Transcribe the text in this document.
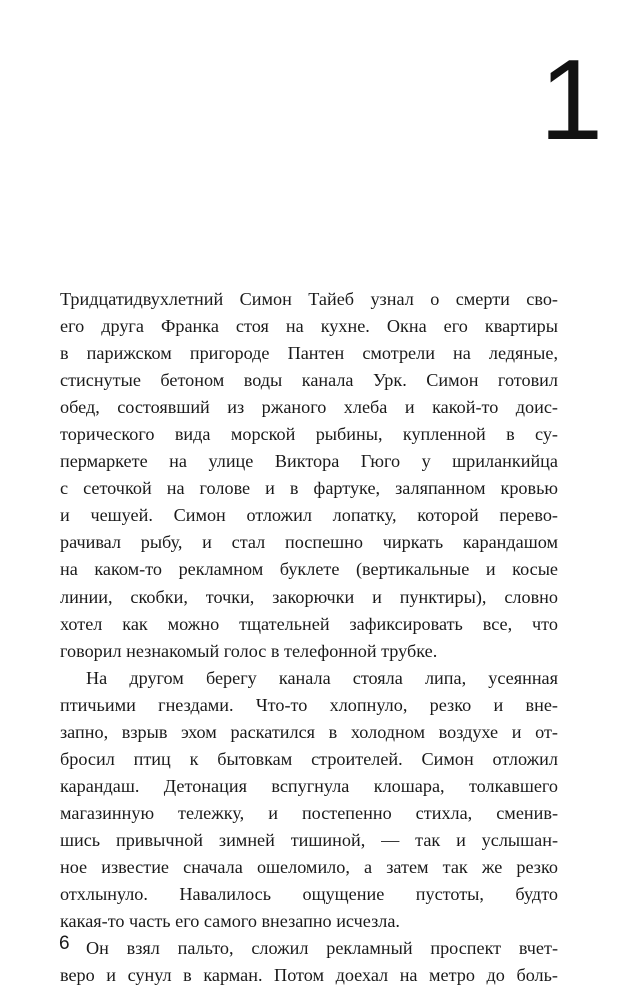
1
Тридцатидвухлетний Симон Тайеб узнал о смерти сво-
его друга Франка стоя на кухне. Окна его квартиры
в парижском пригороде Пантен смотрели на ледяные,
стиснутые бетоном воды канала Урк. Симон готовил
обед, состоявший из ржаного хлеба и какой-то доис-
торического вида морской рыбины, купленной в су-
пермаркете на улице Виктора Гюго у шриланкийца
с сеточкой на голове и в фартуке, заляпанном кровью
и чешуей. Симон отложил лопатку, которой перево-
рачивал рыбу, и стал поспешно чиркать карандашом
на каком-то рекламном буклете (вертикальные и косые
линии, скобки, точки, закорючки и пунктиры), словно
хотел как можно тщательней зафиксировать все, что
говорил незнакомый голос в телефонной трубке.
На другом берегу канала стояла липа, усеянная
птичьими гнездами. Что-то хлопнуло, резко и вне-
запно, взрыв эхом раскатился в холодном воздухе и от-
бросил птиц к бытовкам строителей. Симон отложил
карандаш. Детонация вспугнула клошара, толкавшего
магазинную тележку, и постепенно стихла, сменив-
шись привычной зимней тишиной, — так и услышан-
ное известие сначала ошеломило, а затем так же резко
отхлынуло. Навалилось ощущение пустоты, будто
какая-то часть его самого внезапно исчезла.
Он взял пальто, сложил рекламный проспект вчет-
веро и сунул в карман. Потом доехал на метро до боль-
6
